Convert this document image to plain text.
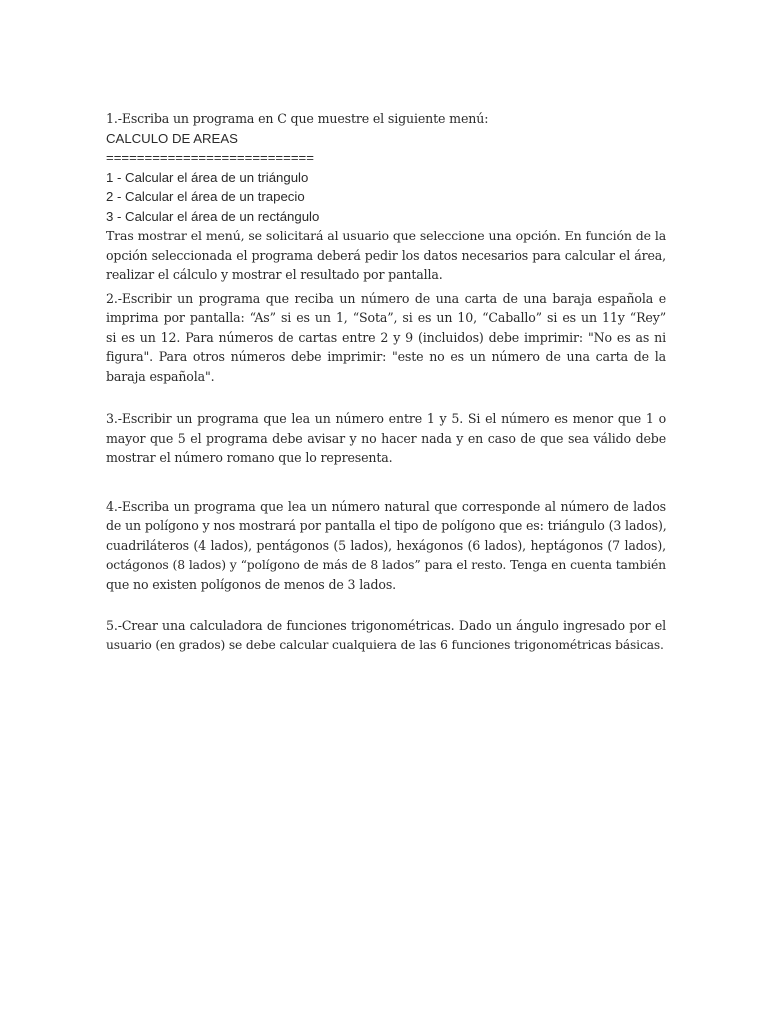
1.-Escriba un programa en C que muestre el siguiente menú:
CALCULO DE AREAS
===========================
1 - Calcular el área de un triángulo
2 - Calcular el área de un trapecio
3 - Calcular el área de un rectángulo
Tras mostrar el menú, se solicitará al usuario que seleccione una opción. En función de la
opción seleccionada el programa deberá pedir los datos necesarios para calcular el área,
realizar el cálculo y mostrar el resultado por pantalla.
2.-Escribir un programa que reciba un número de una carta de una baraja española e
imprima por pantalla: “As” si es un 1, “Sota”, si es un 10, “Caballo” si es un 11y “Rey”
si es un 12. Para números de cartas entre 2 y 9 (incluidos) debe imprimir: "No es as ni
figura". Para otros números debe imprimir: "este no es un número de una carta de la
baraja española".
3.-Escribir un programa que lea un número entre 1 y 5. Si el número es menor que 1 o
mayor que 5 el programa debe avisar y no hacer nada y en caso de que sea válido debe
mostrar el número romano que lo representa.
4.-Escriba un programa que lea un número natural que corresponde al número de lados
de un polígono y nos mostrará por pantalla el tipo de polígono que es: triángulo (3 lados),
cuadriláteros (4 lados), pentágonos (5 lados), hexágonos (6 lados), heptágonos (7 lados),
octágonos (8 lados) y “polígono de más de 8 lados” para el resto. Tenga en cuenta también
que no existen polígonos de menos de 3 lados.
5.-Crear una calculadora de funciones trigonométricas. Dado un ángulo ingresado por el
usuario (en grados) se debe calcular cualquiera de las 6 funciones trigonométricas básicas.
